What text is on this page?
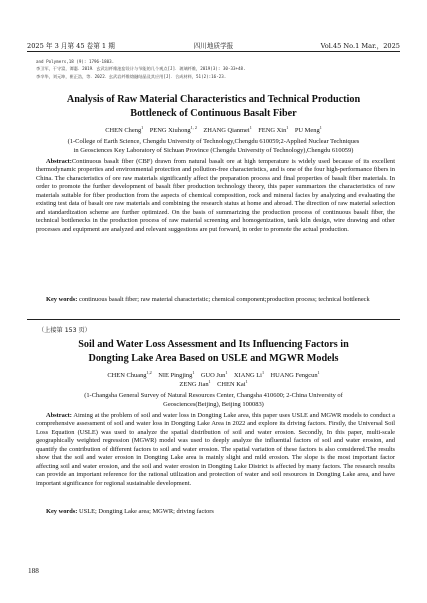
2025 年 3 月第 45 卷第 1 期	四川地质学报	Vol.45 No.1 Mar.，2025
and Polymers,18 (9): 1796-1803.
李卫军，于守富，谭惠．2019．玄武岩纤维池窑设计与节能的几个观点[J]．玻璃纤维，2019(3): 30-33+48.
李卒华，刘元坤，崔正浩，等．2022．玄武岩纤维熔融结晶及其应用[J]．合成材料，51(2):16-23.
Analysis of Raw Material Characteristics and Technical Production
Bottleneck of Continuous Basalt Fiber
CHEN Cheng$^1$ PENG Xiuhong$^{1, 2}$ ZHANG Qianmei$^1$ FENG Xin$^1$ PU Meng$^1$
(1-College of Earth Science, Chengdu University of Technology,Chengdu 610059;2-Applied Nuclear Techniques
in Geosciences Key Laboratory of Sichuan Province (Chengdu University of Technology),Chengdu 610059)
Abstract:Continuous basalt fiber (CBF) drawn from natural basalt ore at high temperature is widely used because of its excellent thermodynamic properties and environmental protection and pollution-free characteristics, and is one of the four high-performance fibers in China. The characteristics of ore raw materials significantly affect the preparation process and final properties of basalt fiber materials. In order to promote the further development of basalt fiber production technology theory, this paper summarizes the characteristics of raw materials suitable for fiber production from the aspects of chemical composition, rock and mineral facies by analyzing and evaluating the existing test data of basalt ore raw materials and combining the research status at home and abroad. The direction of raw material selection and standardization scheme are further optimized. On the basis of summarizing the production process of continuous basalt fiber, the technical bottlenecks in the production process of raw material screening and homogenization, tank kiln design, wire drawing and other processes and equipment are analyzed and relevant suggestions are put forward, in order to promote the actual production.
Key words: continuous basalt fiber; raw material characteristic; chemical component;production process; technical bottleneck
（上接第 153 页）
Soil and Water Loss Assessment and Its Influencing Factors in
Dongting Lake Area Based on USLE and MGWR Models
CHEN Chuang$^{1,2}$ NIE Pingjing$^1$ GUO Jun$^1$ XIANG Li$^1$ HUANG Fengcun$^1$
ZENG Jian$^1$ CHEN Kai$^1$
(1-Changsha General Survey of Natural Resources Center, Changsha 410600; 2-China University of
Geosciences(Beijing), Beijing 100083)
Abstract: Aiming at the problem of soil and water loss in Dongting Lake area, this paper uses USLE and MGWR models to conduct a comprehensive assessment of soil and water loss in Dongting Lake Area in 2022 and explore its driving factors. Firstly, the Universal Soil Loss Equation (USLE) was used to analyze the spatial distribution of soil and water erosion. Secondly, In this paper, multi-scale geographically weighted regression (MGWR) model was used to deeply analyze the influential factors of soil and water erosion, and quantify the contribution of different factors to soil and water erosion. The spatial variation of these factors is also considered.The results show that the soil and water erosion in Dongting Lake area is mainly slight and mild erosion. The slope is the most important factor affecting soil and water erosion, and the soil and water erosion in Dongting Lake District is affected by many factors. The research results can provide an important reference for the rational utilization and protection of water and soil resources in Dongting Lake area, and have important significance for regional sustainable development.
Key words: USLE; Dongting Lake area; MGWR; driving factors
188
